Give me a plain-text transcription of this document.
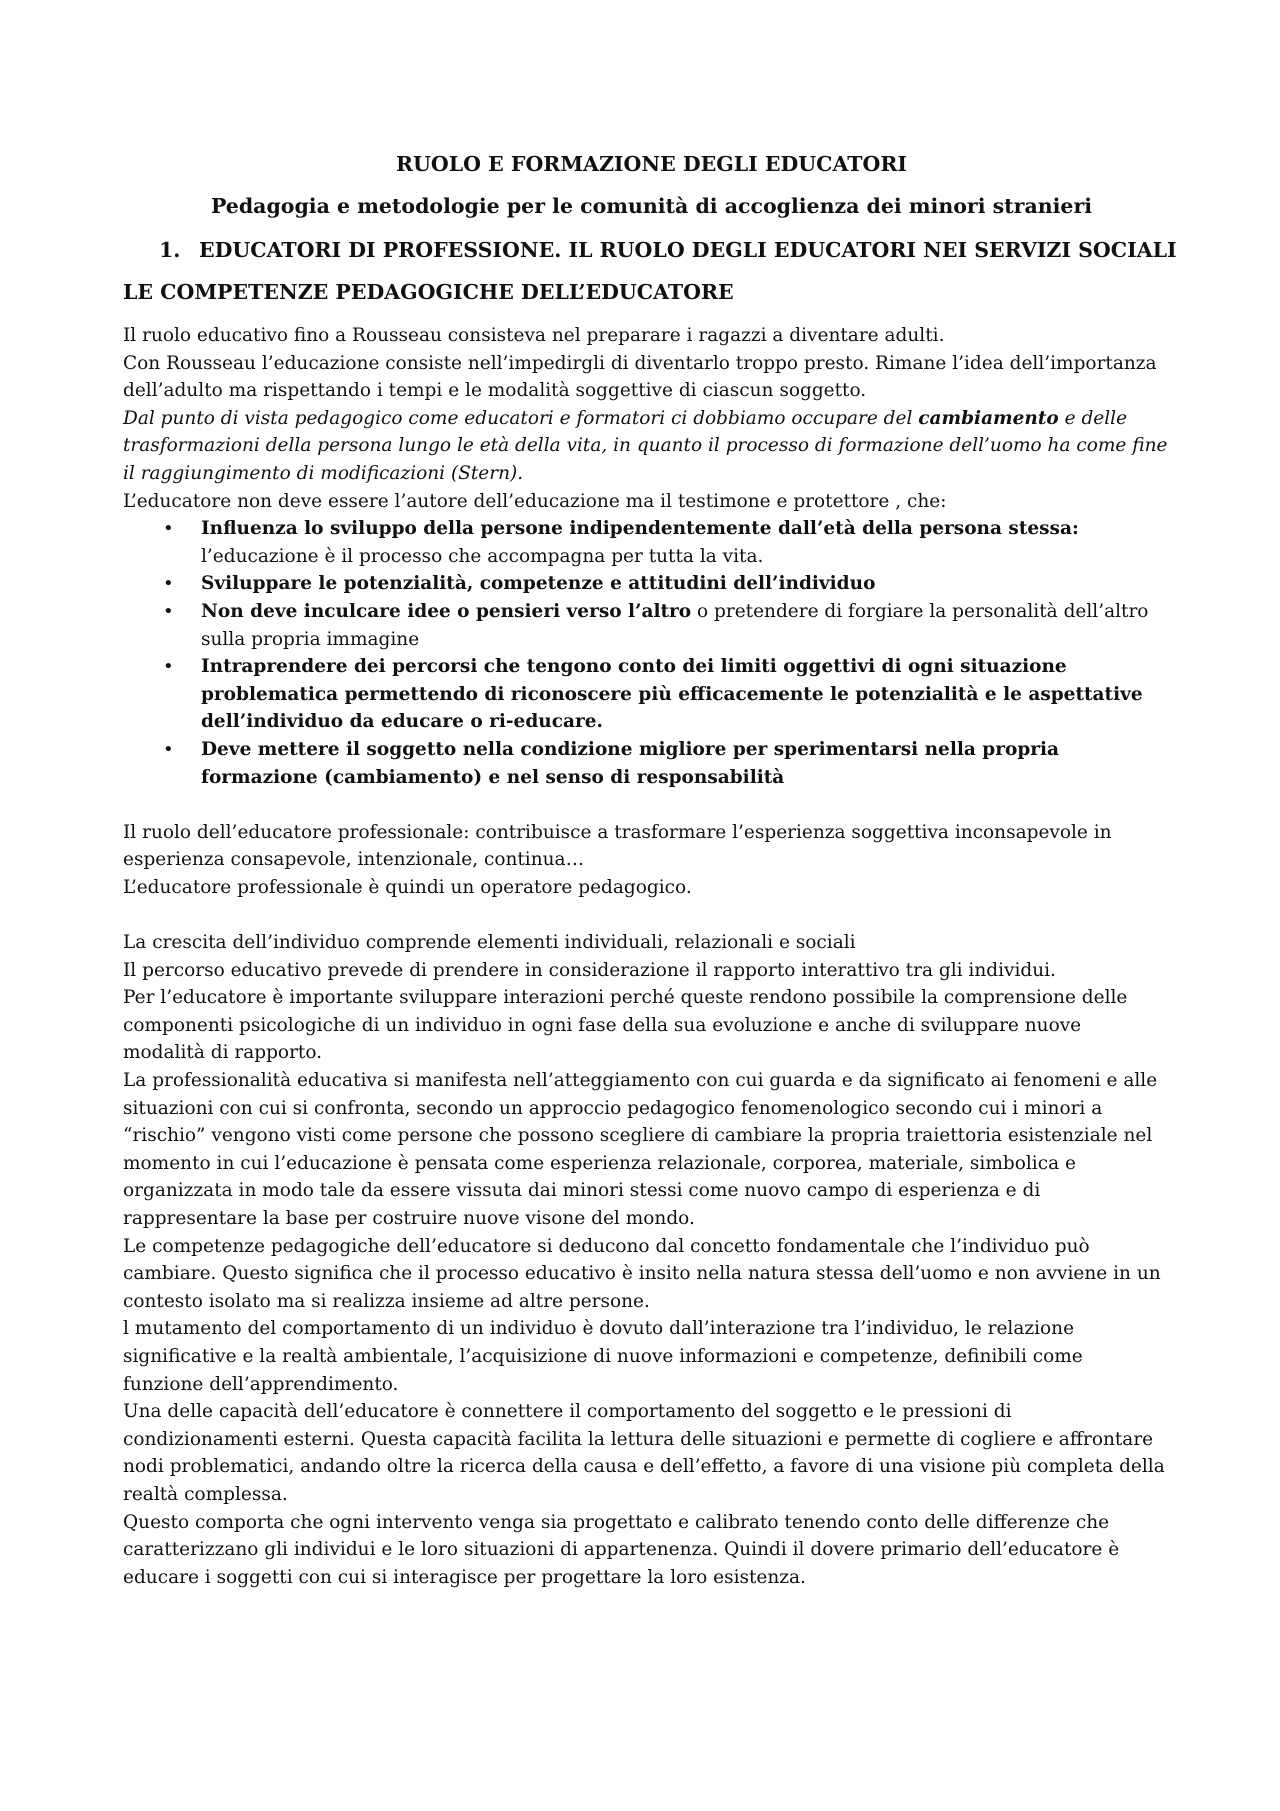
RUOLO E FORMAZIONE DEGLI EDUCATORI
Pedagogia e metodologie per le comunità di accoglienza dei minori stranieri
1. EDUCATORI DI PROFESSIONE. IL RUOLO DEGLI EDUCATORI NEI SERVIZI SOCIALI
LE COMPETENZE PEDAGOGICHE DELL’EDUCATORE

Il ruolo educativo fino a Rousseau consisteva nel preparare i ragazzi a diventare adulti.

Con Rousseau l’educazione consiste nell’impedirgli di diventarlo troppo presto. Rimane l’idea dell’importanza dell’adulto ma rispettando i tempi e le modalità soggettive di ciascun soggetto.

Dal punto di vista pedagogico come educatori e formatori ci dobbiamo occupare del cambiamento e delle trasformazioni della persona lungo le età della vita, in quanto il processo di formazione dell’uomo ha come fine il raggiungimento di modificazioni (Stern).

L’educatore non deve essere l’autore dell’educazione ma il testimone e protettore , che:

• Influenza lo sviluppo della persone indipendentemente dall’età della persona stessa: l’educazione è il processo che accompagna per tutta la vita.
• Sviluppare le potenzialità, competenze e attitudini dell’individuo
• Non deve inculcare idee o pensieri verso l’altro o pretendere di forgiare la personalità dell’altro sulla propria immagine
• Intraprendere dei percorsi che tengono conto dei limiti oggettivi di ogni situazione problematica permettendo di riconoscere più efficacemente le potenzialità e le aspettative dell’individuo da educare o ri-educare.
• Deve mettere il soggetto nella condizione migliore per sperimentarsi nella propria formazione (cambiamento) e nel senso di responsabilità

Il ruolo dell’educatore professionale: contribuisce a trasformare l’esperienza soggettiva inconsapevole in esperienza consapevole, intenzionale, continua…

L’educatore professionale è quindi un operatore pedagogico.

La crescita dell’individuo comprende elementi individuali, relazionali e sociali

Il percorso educativo prevede di prendere in considerazione il rapporto interattivo tra gli individui.

Per l’educatore è importante sviluppare interazioni perché queste rendono possibile la comprensione delle componenti psicologiche di un individuo in ogni fase della sua evoluzione e anche di sviluppare nuove modalità di rapporto.

La professionalità educativa si manifesta nell’atteggiamento con cui guarda e da significato ai fenomeni e alle situazioni con cui si confronta, secondo un approccio pedagogico fenomenologico secondo cui i minori a “rischio” vengono visti come persone che possono scegliere di cambiare la propria traiettoria esistenziale nel momento in cui l’educazione è pensata come esperienza relazionale, corporea, materiale, simbolica e organizzata in modo tale da essere vissuta dai minori stessi come nuovo campo di esperienza e di rappresentare la base per costruire nuove visone del mondo.

Le competenze pedagogiche dell’educatore si deducono dal concetto fondamentale che l’individuo può cambiare. Questo significa che il processo educativo è insito nella natura stessa dell’uomo e non avviene in un contesto isolato ma si realizza insieme ad altre persone.

l mutamento del comportamento di un individuo è dovuto dall’interazione tra l’individuo, le relazione significative e la realtà ambientale, l’acquisizione di nuove informazioni e competenze, definibili come funzione dell’apprendimento.

Una delle capacità dell’educatore è connettere il comportamento del soggetto e le pressioni di condizionamenti esterni. Questa capacità facilita la lettura delle situazioni e permette di cogliere e affrontare nodi problematici, andando oltre la ricerca della causa e dell’effetto, a favore di una visione più completa della realtà complessa.

Questo comporta che ogni intervento venga sia progettato e calibrato tenendo conto delle differenze che caratterizzano gli individui e le loro situazioni di appartenenza. Quindi il dovere primario dell’educatore è educare i soggetti con cui si interagisce per progettare la loro esistenza.
